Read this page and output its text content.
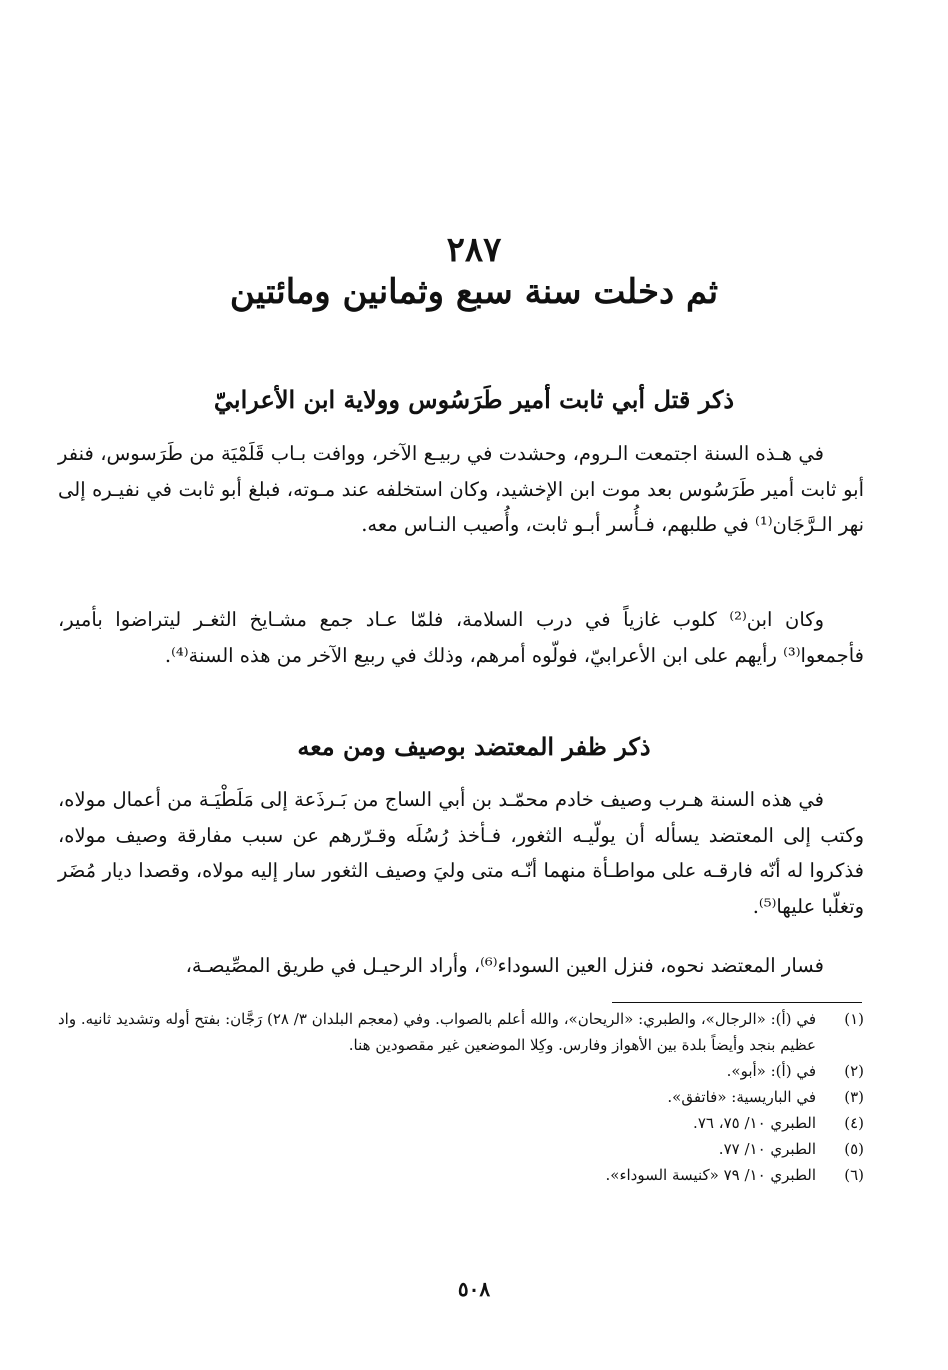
٢٨٧
ثم دخلت سنة سبع وثمانين ومائتين
ذكر قتل أبي ثابت أمير طَرَسُوس وولاية ابن الأعرابيّ

في هـذه السنة اجتمعت الـروم، وحشدت في ربيـع الآخر، ووافت بـاب قَلَمْيَة من طَرَسوس، فنفر أبو ثابت أمير طَرَسُوس بعد موت ابن الإخشيد، وكان استخلفه عند مـوته، فبلغ أبو ثابت في نفيـره إلى نهر الـرَّجَان⁽¹⁾ في طلبهم، فـأُسر أبـو ثابت، وأُصيب النـاس معه.

وكان ابن⁽²⁾ كلوب غازياً في درب السلامة، فلمّا عـاد جمع مشـايخ الثغـر ليتراضوا بأمير، فأجمعوا⁽³⁾ رأيهم على ابن الأعرابيّ، فولّوه أمرهم، وذلك في ربيع الآخر من هذه السنة⁽⁴⁾.

ذكر ظفر المعتضد بوصيف ومن معه

في هذه السنة هـرب وصيف خادم محمّـد بن أبي الساج من بَـرذَعة إلى مَلَطْيَـة من أعمال مولاه، وكتب إلى المعتضد يسأله أن يولّيـه الثغور، فـأخذ رُسُلَه وقـرّرهم عن سبب مفارقة وصيف مولاه، فذكروا له أنّه فارقـه على مواطـأة منهما أنّـه متى وليَ وصيف الثغور سار إليه مولاه، وقصدا ديار مُضَر وتغلّبا عليها⁽⁵⁾.

فسار المعتضد نحوه، فنزل العين السوداء⁽⁶⁾، وأراد الرحيـل في طريق المصِّيصـة،

(١)
في (أ): «الرجال»، والطبري: «الريحان»، والله أعلم بالصواب. وفي (معجم البلدان ٣/ ٢٨) رَجَّان: بفتح أوله وتشديد ثانيه. واد عظيم بنجد وأيضاً بلدة بين الأهواز وفارس. وكِلا الموضعين غير مقصودين هنا.
(٢)
في (أ): «أبو».
(٣)
في الباريسية: «فاتفق».
(٤)
الطبري ١٠/ ٧٥، ٧٦.
(٥)
الطبري ١٠/ ٧٧.
(٦)
الطبري ١٠/ ٧٩ «كنيسة السوداء».
٥٠٨
